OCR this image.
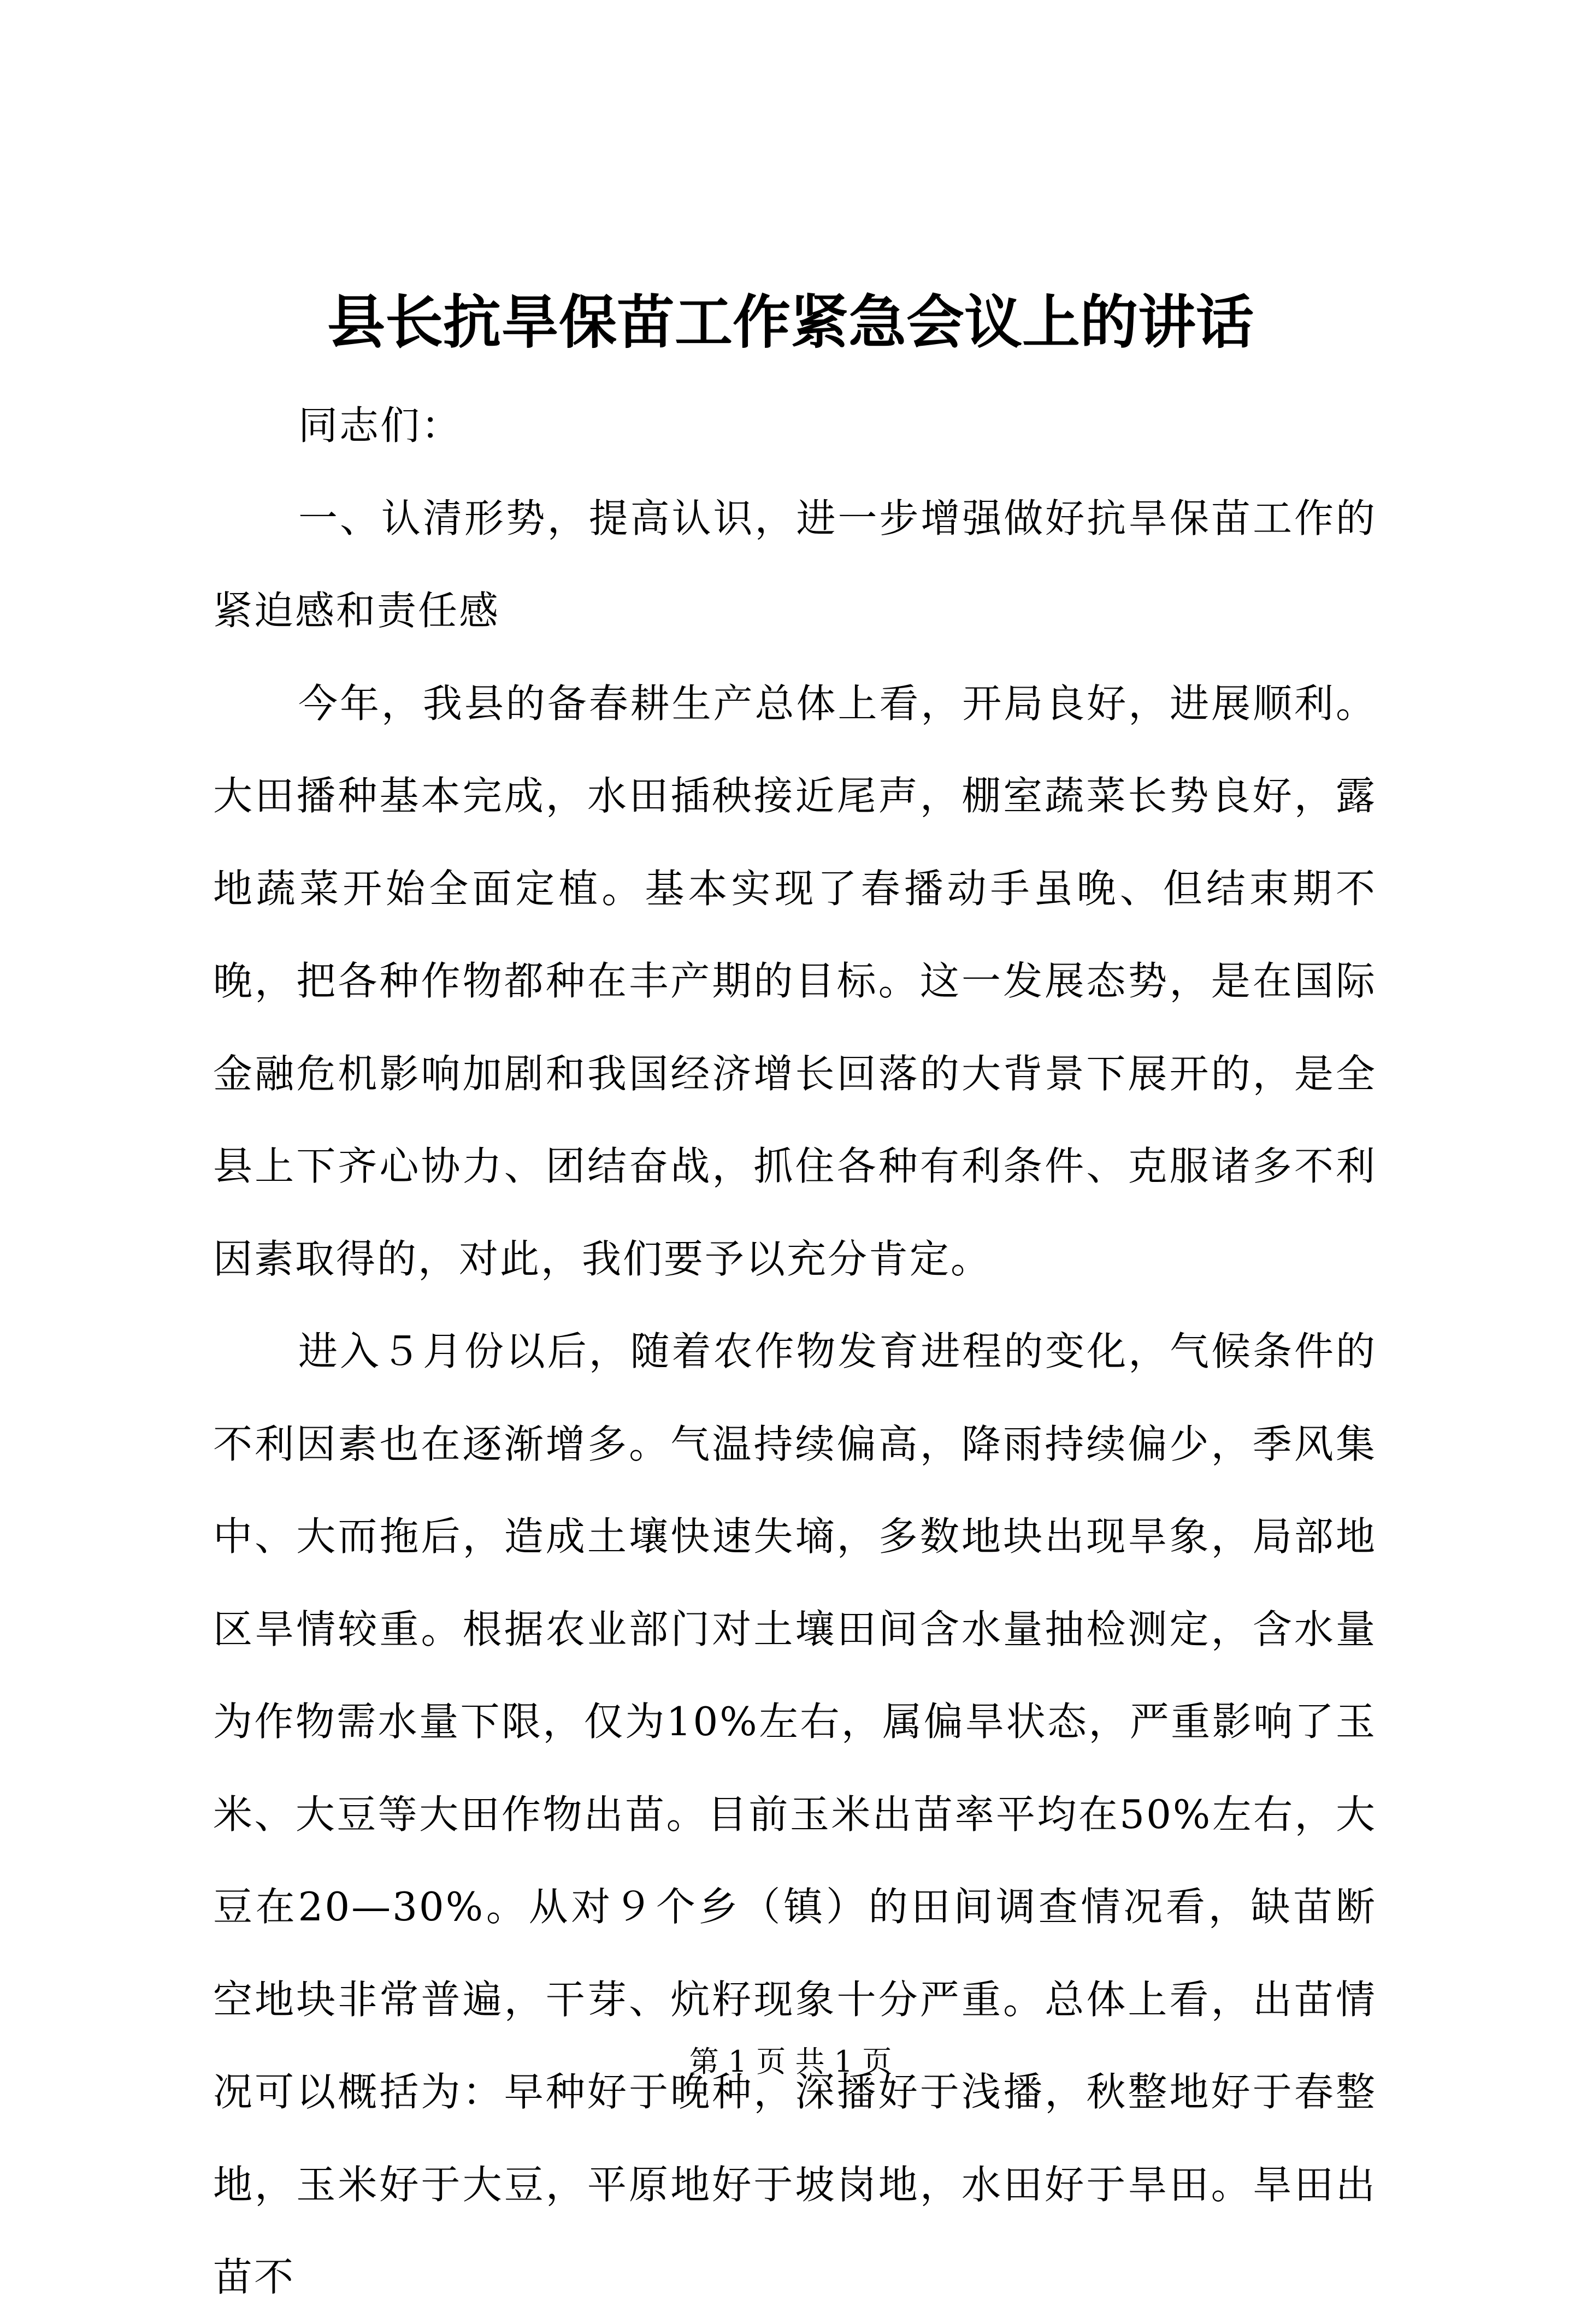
县长抗旱保苗工作紧急会议上的讲话

同志们：

一、认清形势，提高认识，进一步增强做好抗旱保苗工作的紧迫感和责任感

今年，我县的备春耕生产总体上看，开局良好，进展顺利。大田播种基本完成，水田插秧接近尾声，棚室蔬菜长势良好，露地蔬菜开始全面定植。基本实现了春播动手虽晚、但结束期不晚，把各种作物都种在丰产期的目标。这一发展态势，是在国际金融危机影响加剧和我国经济增长回落的大背景下展开的，是全县上下齐心协力、团结奋战，抓住各种有利条件、克服诸多不利因素取得的，对此，我们要予以充分肯定。

进入５月份以后，随着农作物发育进程的变化，气候条件的不利因素也在逐渐增多。气温持续偏高，降雨持续偏少，季风集中、大而拖后，造成土壤快速失墒，多数地块出现旱象，局部地区旱情较重。根据农业部门对土壤田间含水量抽检测定，含水量为作物需水量下限，仅为10%左右，属偏旱状态，严重影响了玉米、大豆等大田作物出苗。目前玉米出苗率平均在50%左右，大豆在20—30%。从对９个乡（镇）的田间调查情况看，缺苗断空地块非常普遍，干芽、炕籽现象十分严重。总体上看，出苗情况可以概括为：早种好于晚种，深播好于浅播，秋整地好于春整地，玉米好于大豆，平原地好于坡岗地，水田好于旱田。旱田出苗不

第 1 页 共 1 页
